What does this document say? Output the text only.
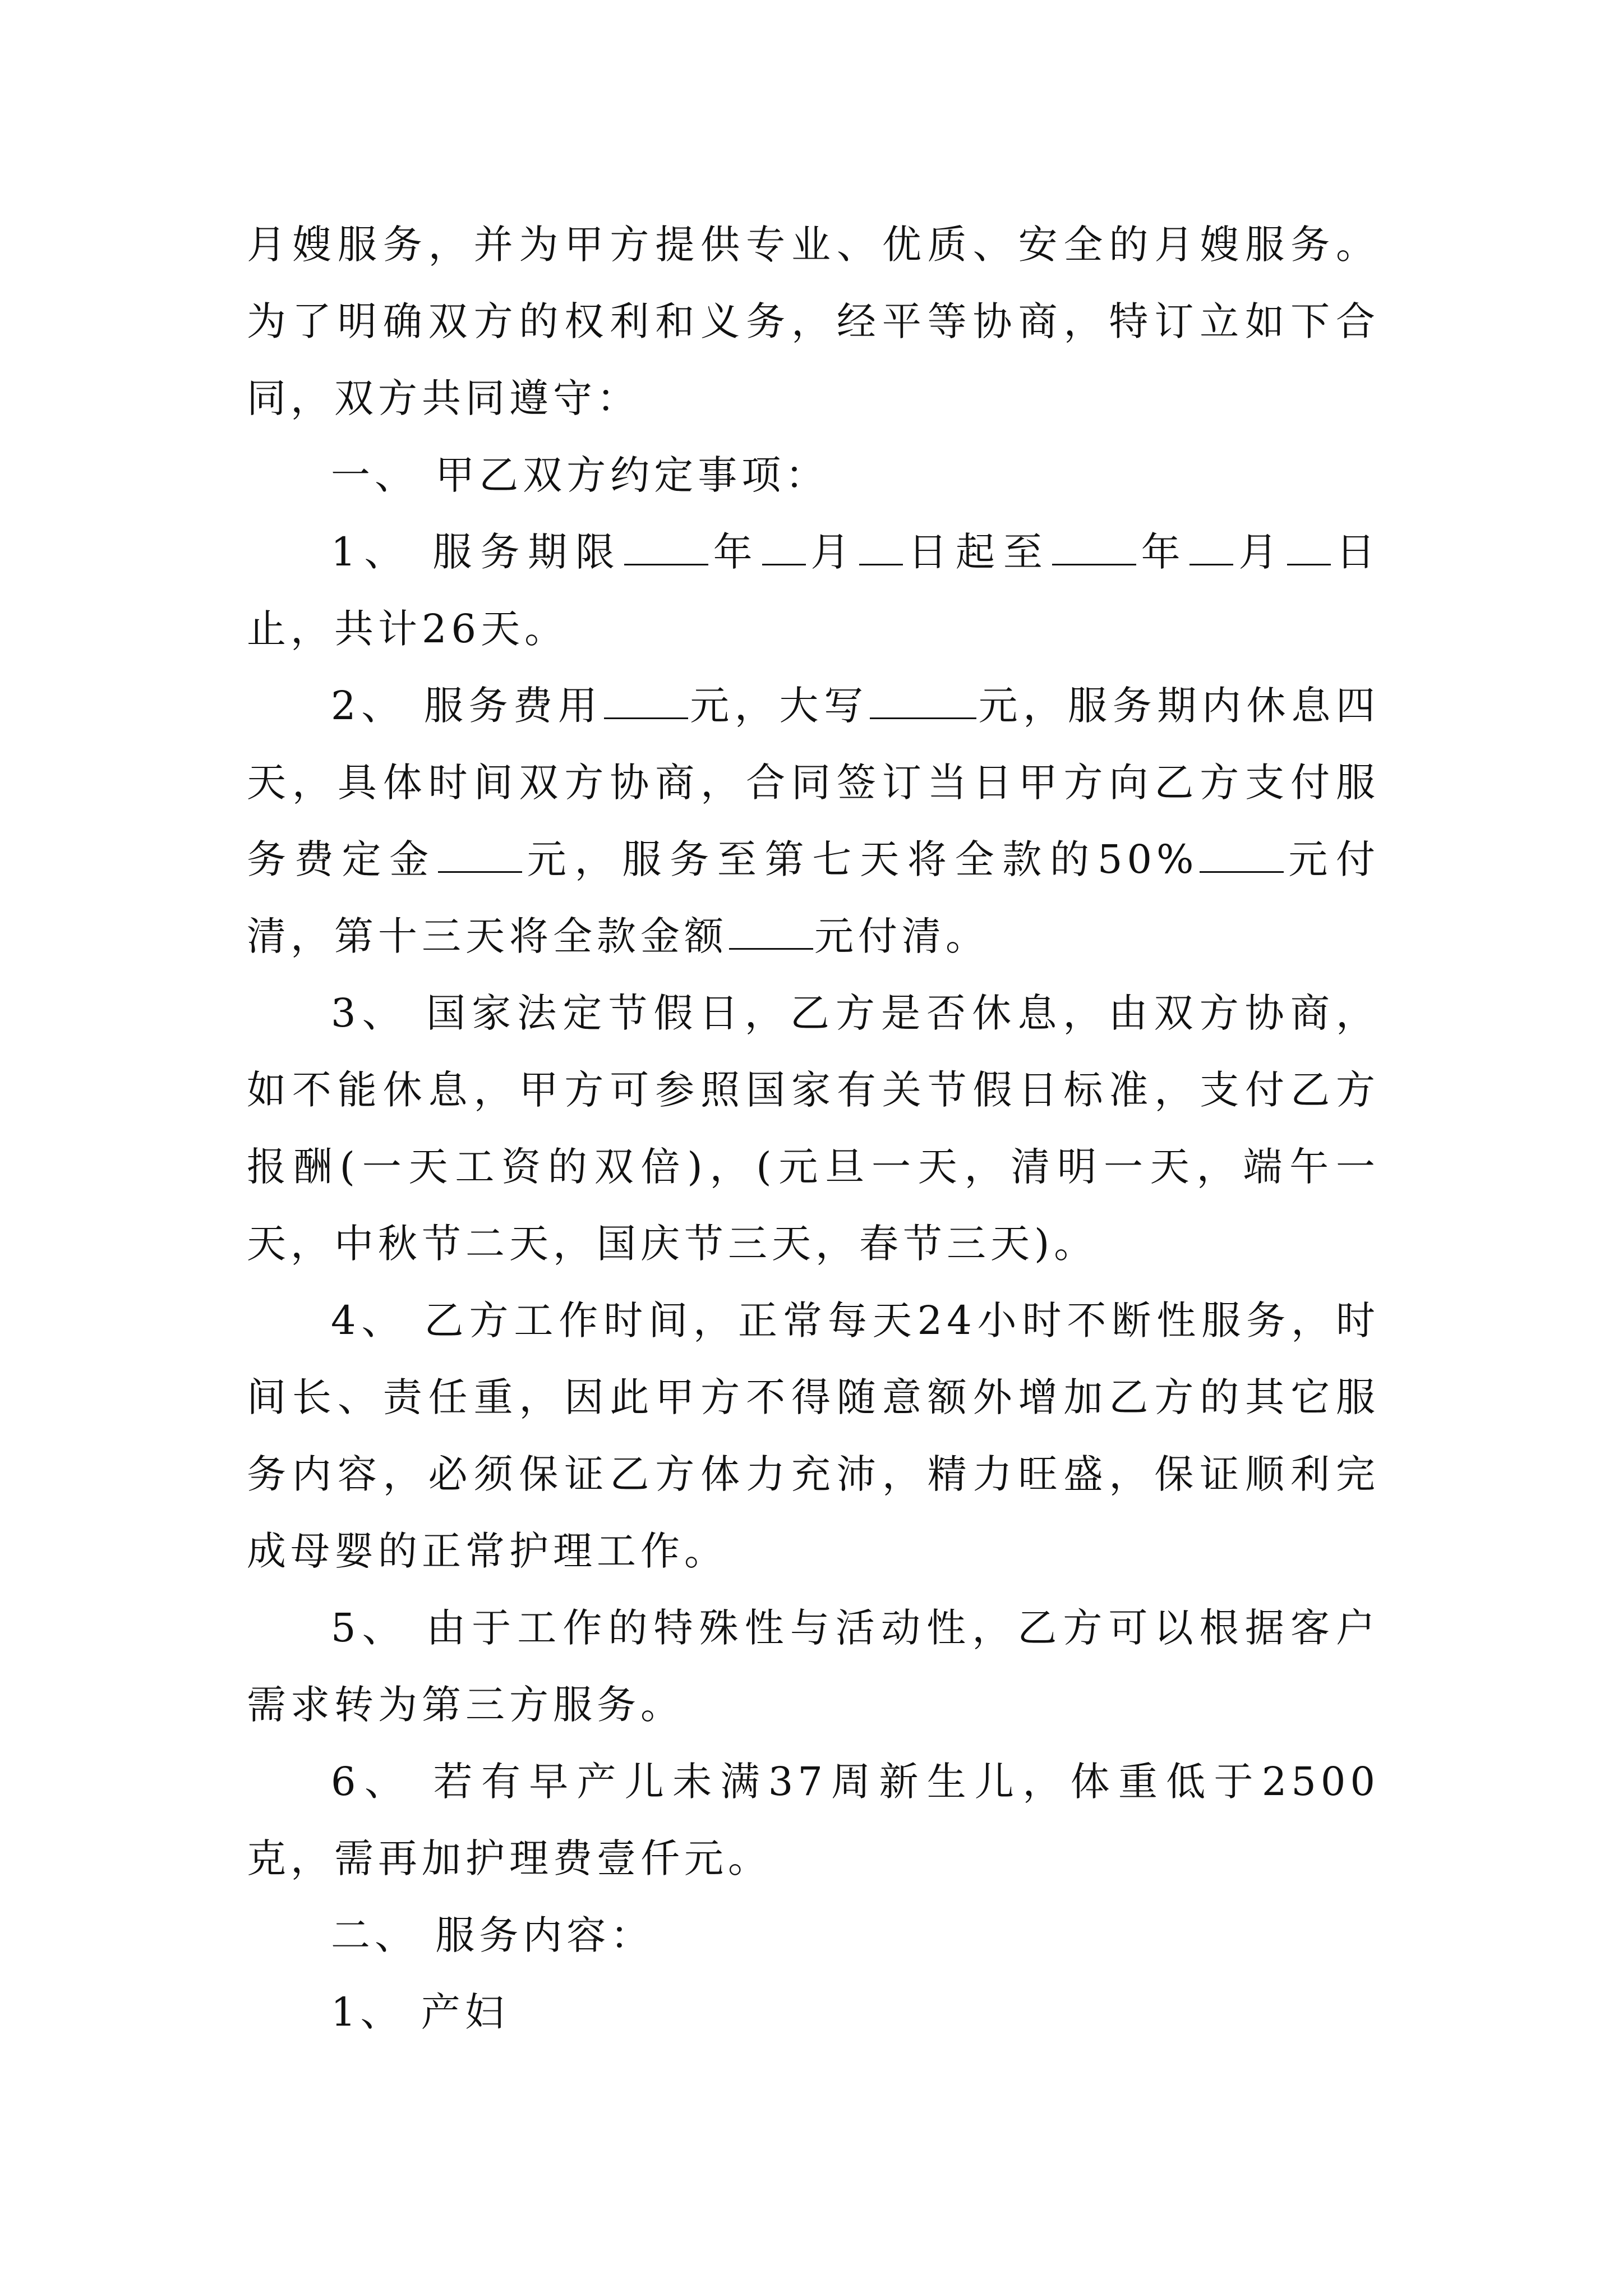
月嫂服务，并为甲方提供专业、优质、安全的月嫂服务。为了明确双方的权利和义务，经平等协商，特订立如下合同，双方共同遵守：

一、 甲乙双方约定事项：

1、 服务期限 年 月 日起至 年 月 日止，共计26天。

2、 服务费用 元，大写	元，服务期内休息四天，具体时间双方协商，合同签订当日甲方向乙方支付服务费定金 元，服务至第七天将全款的50% 元付清，第十三天将全款金额 元付清。

3、 国家法定节假日，乙方是否休息，由双方协商，如不能休息，甲方可参照国家有关节假日标准，支付乙方报酬(一天工资的双倍)，(元旦一天，清明一天，端午一天，中秋节二天，国庆节三天，春节三天)。

4、 乙方工作时间，正常每天24小时不断性服务，时间长、责任重，因此甲方不得随意额外增加乙方的其它服务内容，必须保证乙方体力充沛，精力旺盛，保证顺利完成母婴的正常护理工作。

5、 由于工作的特殊性与活动性，乙方可以根据客户需求转为第三方服务。

6、 若有早产儿未满37周新生儿，体重低于2500克，需再加护理费壹仟元。

二、 服务内容：

1、 产妇
